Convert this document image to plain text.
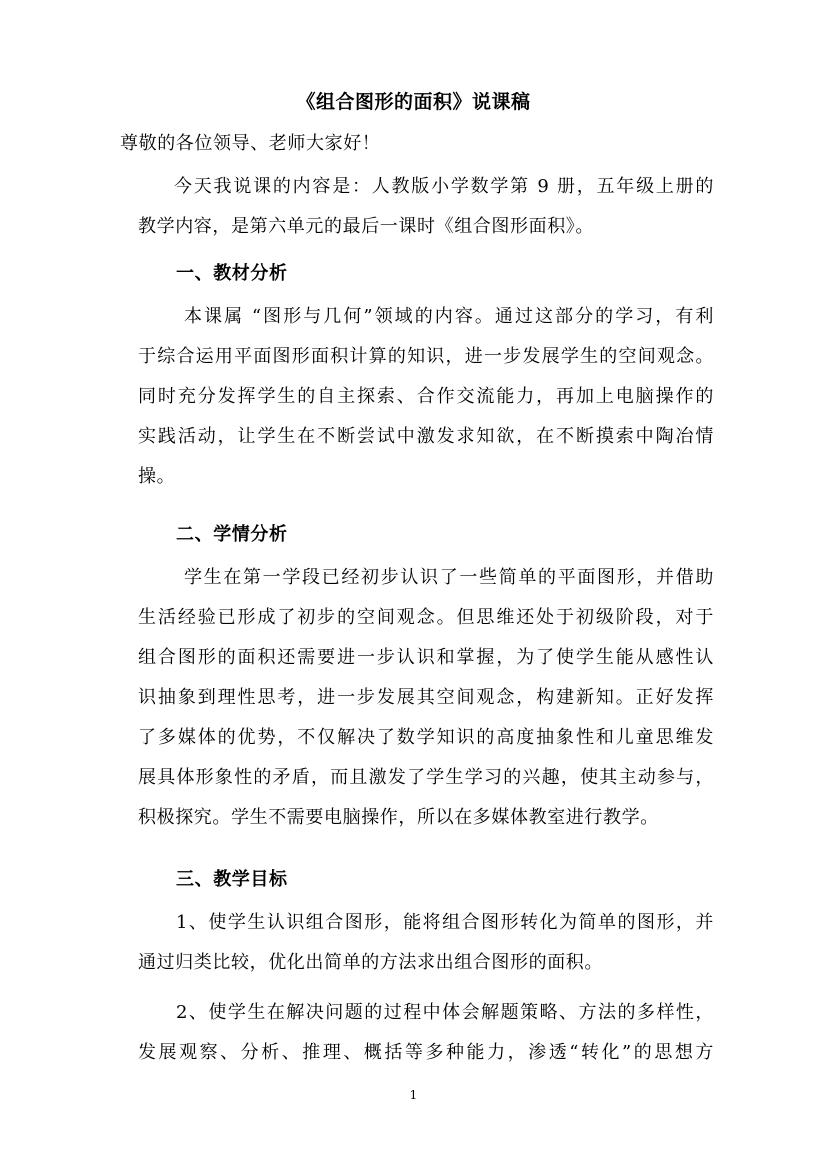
《组合图形的面积》说课稿
尊敬的各位领导、老师大家好！
今天我说课的内容是：人教版小学数学第 9 册，五年级上册的
教学内容，是第六单元的最后一课时《组合图形面积》。
一、教材分析
本课属 “图形与几何”领域的内容。通过这部分的学习，有利
于综合运用平面图形面积计算的知识，进一步发展学生的空间观念。
同时充分发挥学生的自主探索、合作交流能力，再加上电脑操作的
实践活动，让学生在不断尝试中激发求知欲，在不断摸索中陶冶情
操。
二、学情分析
学生在第一学段已经初步认识了一些简单的平面图形，并借助
生活经验已形成了初步的空间观念。但思维还处于初级阶段，对于
组合图形的面积还需要进一步认识和掌握，为了使学生能从感性认
识抽象到理性思考，进一步发展其空间观念，构建新知。正好发挥
了多媒体的优势，不仅解决了数学知识的高度抽象性和儿童思维发
展具体形象性的矛盾，而且激发了学生学习的兴趣，使其主动参与，
积极探究。学生不需要电脑操作，所以在多媒体教室进行教学。
三、教学目标
1、使学生认识组合图形，能将组合图形转化为简单的图形，并
通过归类比较，优化出简单的方法求出组合图形的面积。
2、使学生在解决问题的过程中体会解题策略、方法的多样性，
发展观察、分析、推理、概括等多种能力，渗透“转化”的思想方
1
